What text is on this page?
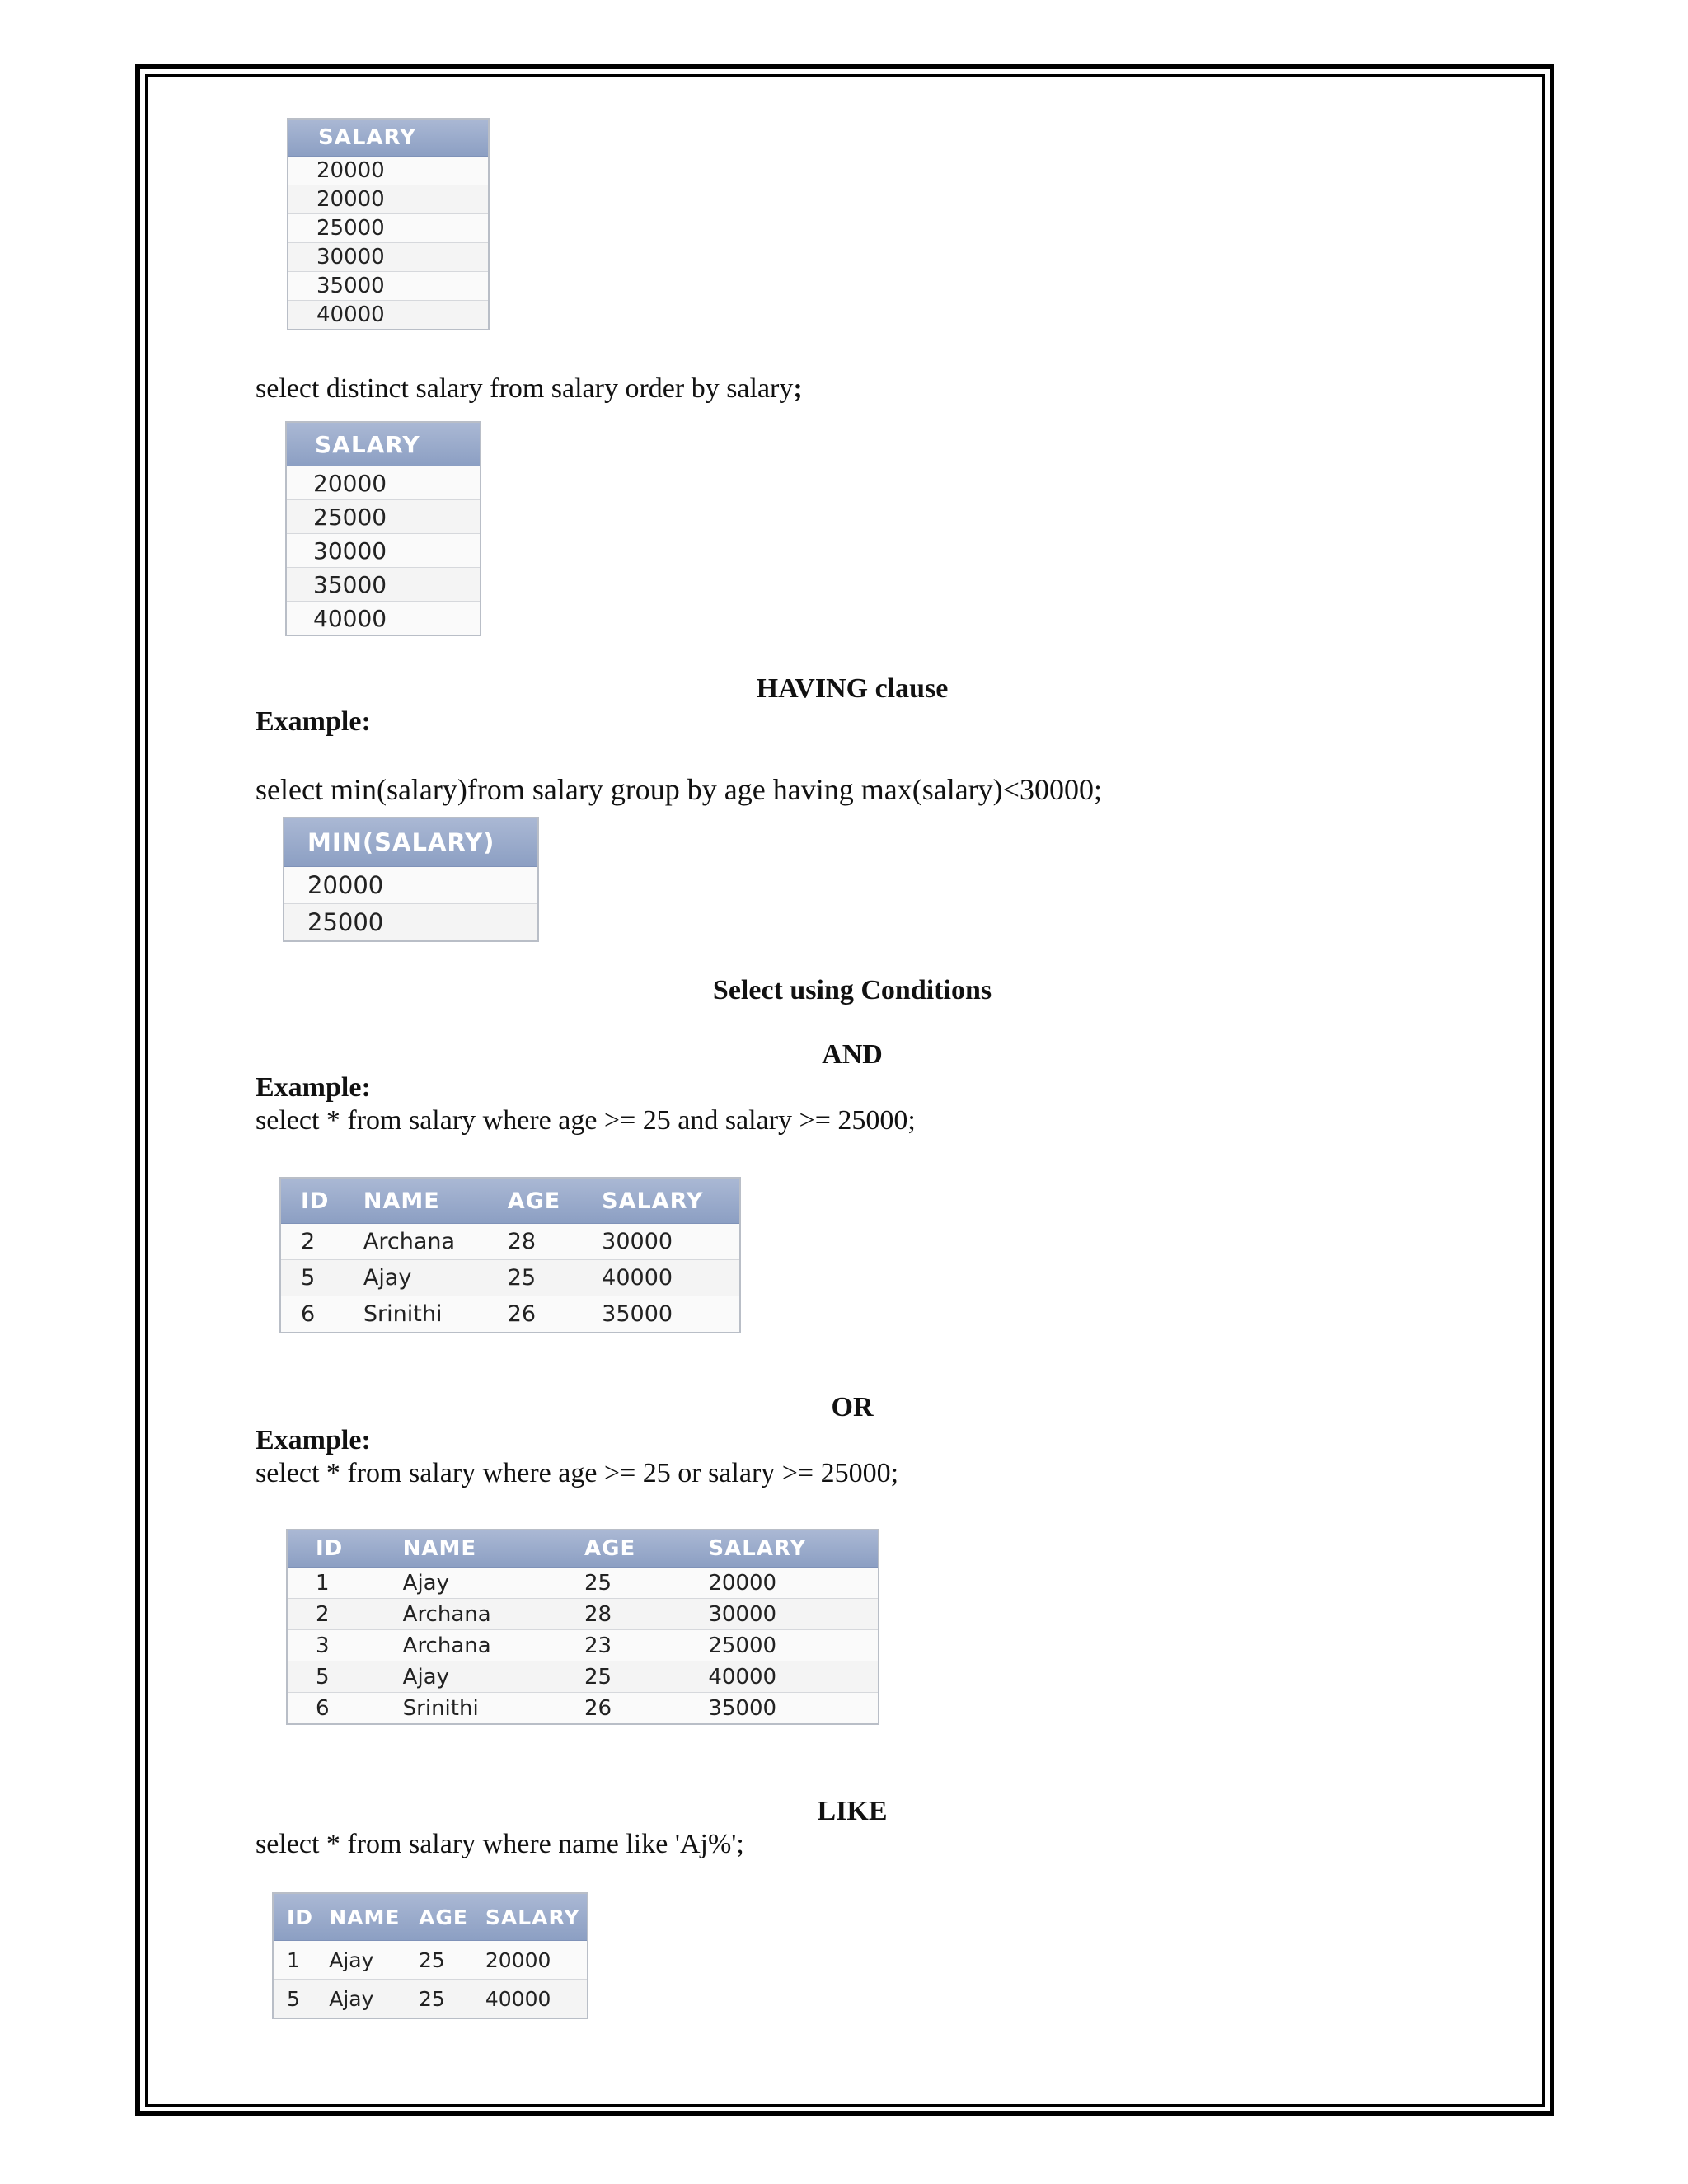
SALARY
20000
20000
25000
30000
35000
40000
select distinct salary from salary order by salary;
SALARY
20000
25000
30000
35000
40000
HAVING clause
Example:
select min(salary)from salary group by age having max(salary)<30000;
MIN(SALARY)
20000
25000
Select using Conditions
AND
Example:
select * from salary where age >= 25 and salary >= 25000;
ID	NAME	AGE	SALARY
2	Archana	28	30000
5	Ajay	25	40000
6	Srinithi	26	35000
OR
Example:
select * from salary where age >= 25 or salary >= 25000;
ID	NAME	AGE	SALARY
1	Ajay	25	20000
2	Archana	28	30000
3	Archana	23	25000
5	Ajay	25	40000
6	Srinithi	26	35000
LIKE
select * from salary where name like 'Aj%';
ID	NAME	AGE	SALARY
1	Ajay	25	20000
5	Ajay	25	40000
